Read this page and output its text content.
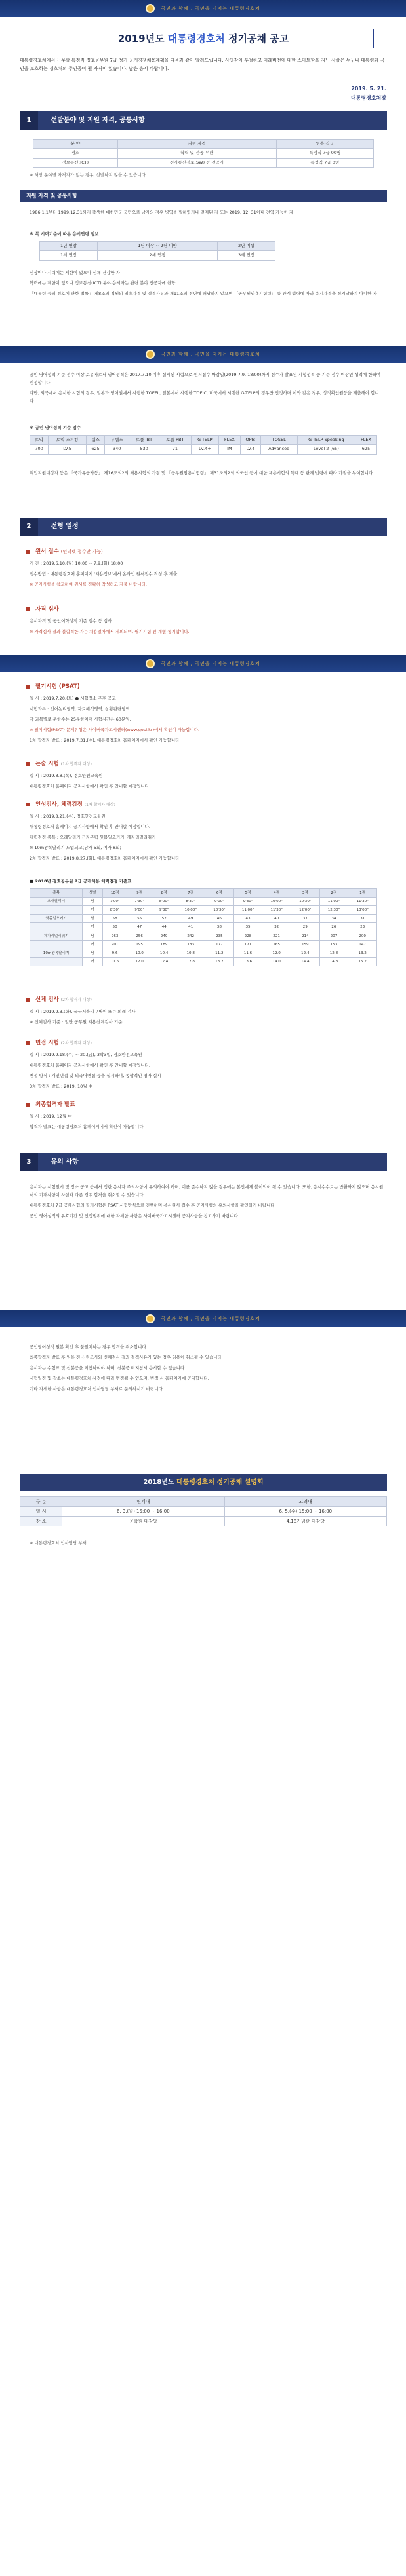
국민과 함께 , 국민을 지키는 대통령경호처
2019년도 대통령경호처 정기공채 공고

대통령경호처에서 근무할 특정직 경호공무원 7급 정기 공개경쟁채용계획을 다음과 같이 알려드립니다. 사명감이 투철하고 미래비전에 대한 스마트함을 지닌 사람은 누구나 대통령과 국민을 보호하는 경호처의 주인공이 될 자격이 있습니다. 많은 응시 바랍니다.

2019. 5. 21.
대통령경호처장
1	선발분야 및 지원 자격, 공통사항
분 야	지원 자격	임용 직급
경호	학력 및 전공 무관	특정직 7급 00명
정보통신(ICT)	전자통신정보(SW) 등 전공자	특정직 7급 0명

※ 해당 분야별 자격자가 없는 경우, 선발하지 않을 수 있습니다.

지원 자격 및 공통사항

1986.1.1부터 1999.12.31까지 출생한 대한민국 국민으로 남자의 경우 병역을 필하였거나 면제된 자 또는 2019. 12. 31이내 전역 가능한 자

※ 복 시력기준에 따른 응시연령 정보

1년 연장	1년 이상 ~ 2년 미만	2년 이상
1세 연장	2세 연장	3세 연장

신장이나 시력에는 제한이 없으나 신체 건강한 자

학력에는 제한이 없으나 정보통신(ICT) 분야 응시자는 관련 분야 전공자에 한함

「대통령 등의 경호에 관한 법률」 제8조의 직원의 임용자격 및 결격사유와 제11조의 정년에 해당하지 않으며 「공무원임용시험령」 등 관계 법령에 따라 응시자격을 정지당하지 아니한 자

국민과 함께 , 국민을 지키는 대통령경호처

공인 영어성적 기준 점수 이상 보유자로서 영어성적은 2017.7.10 이후 실시된 시험으로 원서접수 마감일(2019.7.9. 18:00)까지 점수가 발표된 시험성적 중 기준 점수 이상인 성적에 한하여 인정합니다.

다만, 외국에서 응시한 시험의 경우, 일본과 영어권에서 시행한 TOEFL, 일본에서 시행한 TOEIC, 미국에서 시행한 G-TELP의 경우만 인정하며 이와 같은 경우, 성적확인원등을 제출해야 합니다.

※ 공인 영어성적 기준 점수

토익	토익 스피킹	텝스	뉴텝스	토플 IBT	토플 PBT	G-TELP	FLEX	OPIc	TOSEL	G-TELP Speaking	FLEX
700	LV.5	625	340	530	71	Lv.4+	IM	LV.4	Advanced	Level 2 (65)	625

취업지원대상자 등은 「국가유공자등」 제16조의2의 채용시험의 가점 및 「공무원임용시험령」 제31조의2의 외국인 등에 대한 채용시험의 특례 등 관계 법령에 따라 가점을 부여합니다.

2	전형 일정
원서 접수 (인터넷 접수만 가능)

기 간 : 2019.6.10.(월) 10:00 ~ 7.9.(화) 18:00

접수방법 : 대통령경호처 홈페이지 '채용정보'에서 온라인 원서접수 작성 후 제출

※ 공지사항을 참고하여 원서를 정확히 작성하고 제출 바랍니다.

자격 심사

응시자격 및 공인어학성적 기준 점수 등 심사

※ 자격심사 결과 불합격한 자는 채용절차에서 제외되며, 필기시험 전 개별 통지합니다.

국민과 함께 , 국민을 지키는 대통령경호처
필기시험 (PSAT)

일 시 : 2019.7.20.(토) ● 시험장소 추후 공고

시험과목 : 언어논리영역, 자료해석영역, 상황판단영역

각 과목별로 문항수는 25문항이며 시험시간은 60분임.

※ 필기시험(PSAT) 문제유형은 사이버국가고시센터(www.gosi.kr)에서 확인이 가능합니다.

1차 합격자 발표 : 2019.7.31.(수), 대통령경호처 홈페이지에서 확인 가능합니다.

논술 시험 (1차 합격자 대상)

일 시 : 2019.8.8.(목), 경호안전교육원

대통령경호처 홈페이지 공지사항에서 확인 후 안내할 예정입니다.

인성검사, 체력검정 (1차 합격자 대상)

일 시 : 2019.8.21.(수), 경호안전교육원

대통령경호처 홈페이지 공지사항에서 확인 후 안내할 예정입니다.

체력검정 종목 : 오래달리기·근지구력·윗몸일으키기, 제자리멀리뛰기

※ 10m왕복달리기 도입되고(남자 5회, 여자 8회)

2차 합격자 발표 : 2019.8.27.(화), 대통령경호처 홈페이지에서 확인 가능합니다.

■ 2018년 경호공무원 7급 공개채용 체력검정 기준표

종목	성별	10점	9점	8점	7점	6점	5점	4점	3점	2점	1점
오래달리기	남	7'00"	7'30"	8'00"	8'30"	9'00"	9'30"	10'00"	10'30"	11'00"	11'30"
	여	8'30"	9'00"	9'30"	10'00"	10'30"	11'00"	11'30"	12'00"	12'30"	13'00"
윗몸일으키기	남	58	55	52	49	46	43	40	37	34	31
	여	50	47	44	41	38	35	32	29	26	23
제자리멀리뛰기	남	263	256	249	242	235	228	221	214	207	200
	여	201	195	189	183	177	171	165	159	153	147
10m왕복달리기	남	9.6	10.0	10.4	10.8	11.2	11.6	12.0	12.4	12.8	13.2
	여	11.6	12.0	12.4	12.8	13.2	13.6	14.0	14.4	14.8	15.2
신체 검사 (2차 합격자 대상)

일 시 : 2019.9.3.(화), 국군서울지구병원 또는 외래 검사

※ 신체검사 기준 : 일반 공무원 채용신체검사 기준

면접 시험 (2차 합격자 대상)

일 시 : 2019.9.18.(수) ~ 20.(금), 3박3일, 경호안전교육원

대통령경호처 홈페이지 공지사항에서 확인 후 안내할 예정입니다.

면접 방식 : 개인면접 및 외국어면접 등을 실시하며, 종합적인 평가 실시

3차 합격자 발표 : 2019. 10월 中

최종합격자 발표

일 시 : 2019. 12월 中

합격자 발표는 대통령경호처 홈페이지에서 확인이 가능합니다.

3	유의 사항

응시자는 시험일시 및 장소 공고 등에서 정한 응시자 주의사항에 유의하여야 하며, 이를 준수하지 않을 경우에는 본인에게 불이익이 될 수 있습니다. 또한, 응시수수료는 반환하지 않으며 응시원서의 기재사항이 사실과 다른 경우 합격을 취소할 수 있습니다.

대통령경호처 7급 공채시험의 필기시험은 PSAT 시험방식으로 진행하며 응시원서 접수 후 공지사항의 유의사항을 확인하기 바랍니다.

공인 영어성적의 유효기간 및 인정범위에 대한 자세한 사항은 사이버국가고시센터 공지사항을 참고하기 바랍니다.

국민과 함께 , 국민을 지키는 대통령경호처

공인영어성적 원본 확인 후 불일치하는 경우 합격을 취소합니다.

최종합격자 발표 후 임용 전 신원조사와 신체검사 결과 결격사유가 있는 경우 임용이 취소될 수 있습니다.

응시자는 수험표 및 신분증을 지참하여야 하며, 신분증 미지참시 응시할 수 없습니다.

시험일정 및 장소는 대통령경호처 사정에 따라 변경될 수 있으며, 변경 시 홈페이지에 공지합니다.

기타 자세한 사항은 대통령경호처 인사담당 부서로 문의하시기 바랍니다.

2018년도 대통령경호처 정기공채 설명회
구 분	연세대	고려대
일 시	6. 3.(월) 15:00 ~ 16:00	6. 5.(수) 15:00 ~ 16:00
장 소	공학원 대강당	4.18기념관 대강당

※ 대통령경호처 인사담당 부서
